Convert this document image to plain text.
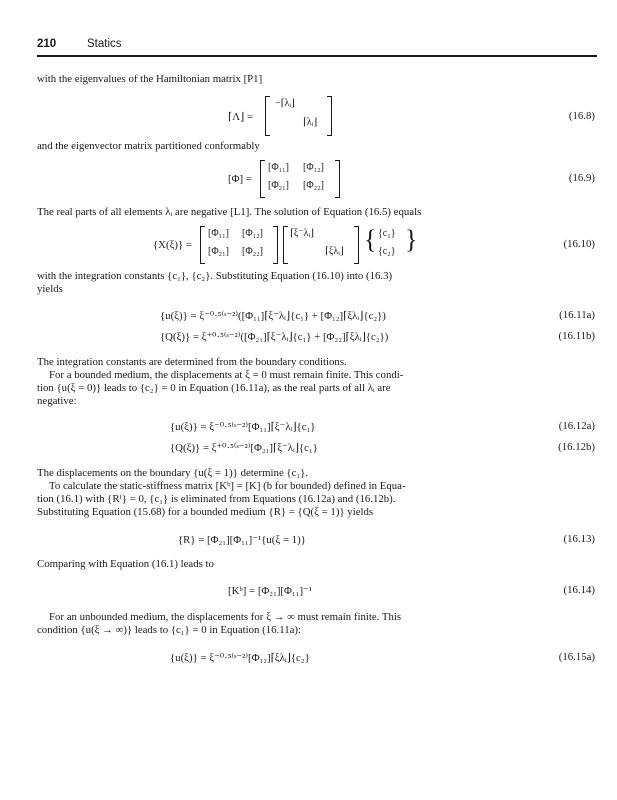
210	Statics
with the eigenvalues of the Hamiltonian matrix [P1]
⌈Λ⌋ =
−⌈λᵢ⌋
⌈λᵢ⌋
(16.8)
and the eigenvector matrix partitioned conformably
[Φ] =
[Φ₁₁] [Φ₁₂]
[Φ₂₁] [Φ₂₂]
(16.9)
The real parts of all elements λᵢ are negative [L1]. The solution of Equation (16.5) equals
{X(ξ)} =
[Φ₁₁] [Φ₁₂]
[Φ₂₁] [Φ₂₂]
⌈ξ⁻λᵢ⌋
⌈ξλᵢ⌋ { {c₁}
{c₂} }	(16.10)
with the integration constants {c₁}, {c₂}. Substituting Equation (16.10) into (16.3)
yields
{u(ξ)} = ξ⁻⁰·⁵⁽ˢ⁻²⁾([Φ₁₁]⌈ξ⁻λᵢ⌋{c₁} + [Φ₁₂]⌈ξλᵢ⌋{c₂})	(16.11a)
{Q(ξ)} = ξ⁺⁰·⁵⁽ˢ⁻²⁾([Φ₂₁]⌈ξ⁻λᵢ⌋{c₁} + [Φ₂₂]⌈ξλᵢ⌋{c₂})	(16.11b)
The integration constants are determined from the boundary conditions.
For a bounded medium, the displacements at ξ = 0 must remain finite. This condi-
tion {u(ξ = 0)} leads to {c₂} = 0 in Equation (16.11a), as the real parts of all λᵢ are
negative:
{u(ξ)} = ξ⁻⁰·⁵⁽ˢ⁻²⁾[Φ₁₁]⌈ξ⁻λᵢ⌋{c₁}	(16.12a)
{Q(ξ)} = ξ⁺⁰·⁵⁽ˢ⁻²⁾[Φ₂₁]⌈ξ⁻λᵢ⌋{c₁}	(16.12b)
The displacements on the boundary {u(ξ = 1)} determine {c₁}.
To calculate the static-stiffness matrix [Kᵇ] = [K] (b for bounded) defined in Equa-
tion (16.1) with {Rᶠ} = 0, {c₁} is eliminated from Equations (16.12a) and (16.12b).
Substituting Equation (15.68) for a bounded medium {R} = {Q(ξ = 1)} yields
{R} = [Φ₂₁][Φ₁₁]⁻¹{u(ξ = 1)}	(16.13)
Comparing with Equation (16.1) leads to
[Kᵇ] = [Φ₂₁][Φ₁₁]⁻¹	(16.14)
For an unbounded medium, the displacements for ξ → ∞ must remain finite. This
condition {u(ξ → ∞)} leads to {c₁} = 0 in Equation (16.11a):
{u(ξ)} = ξ⁻⁰·⁵⁽ˢ⁻²⁾[Φ₁₂]⌈ξλᵢ⌋{c₂}	(16.15a)
